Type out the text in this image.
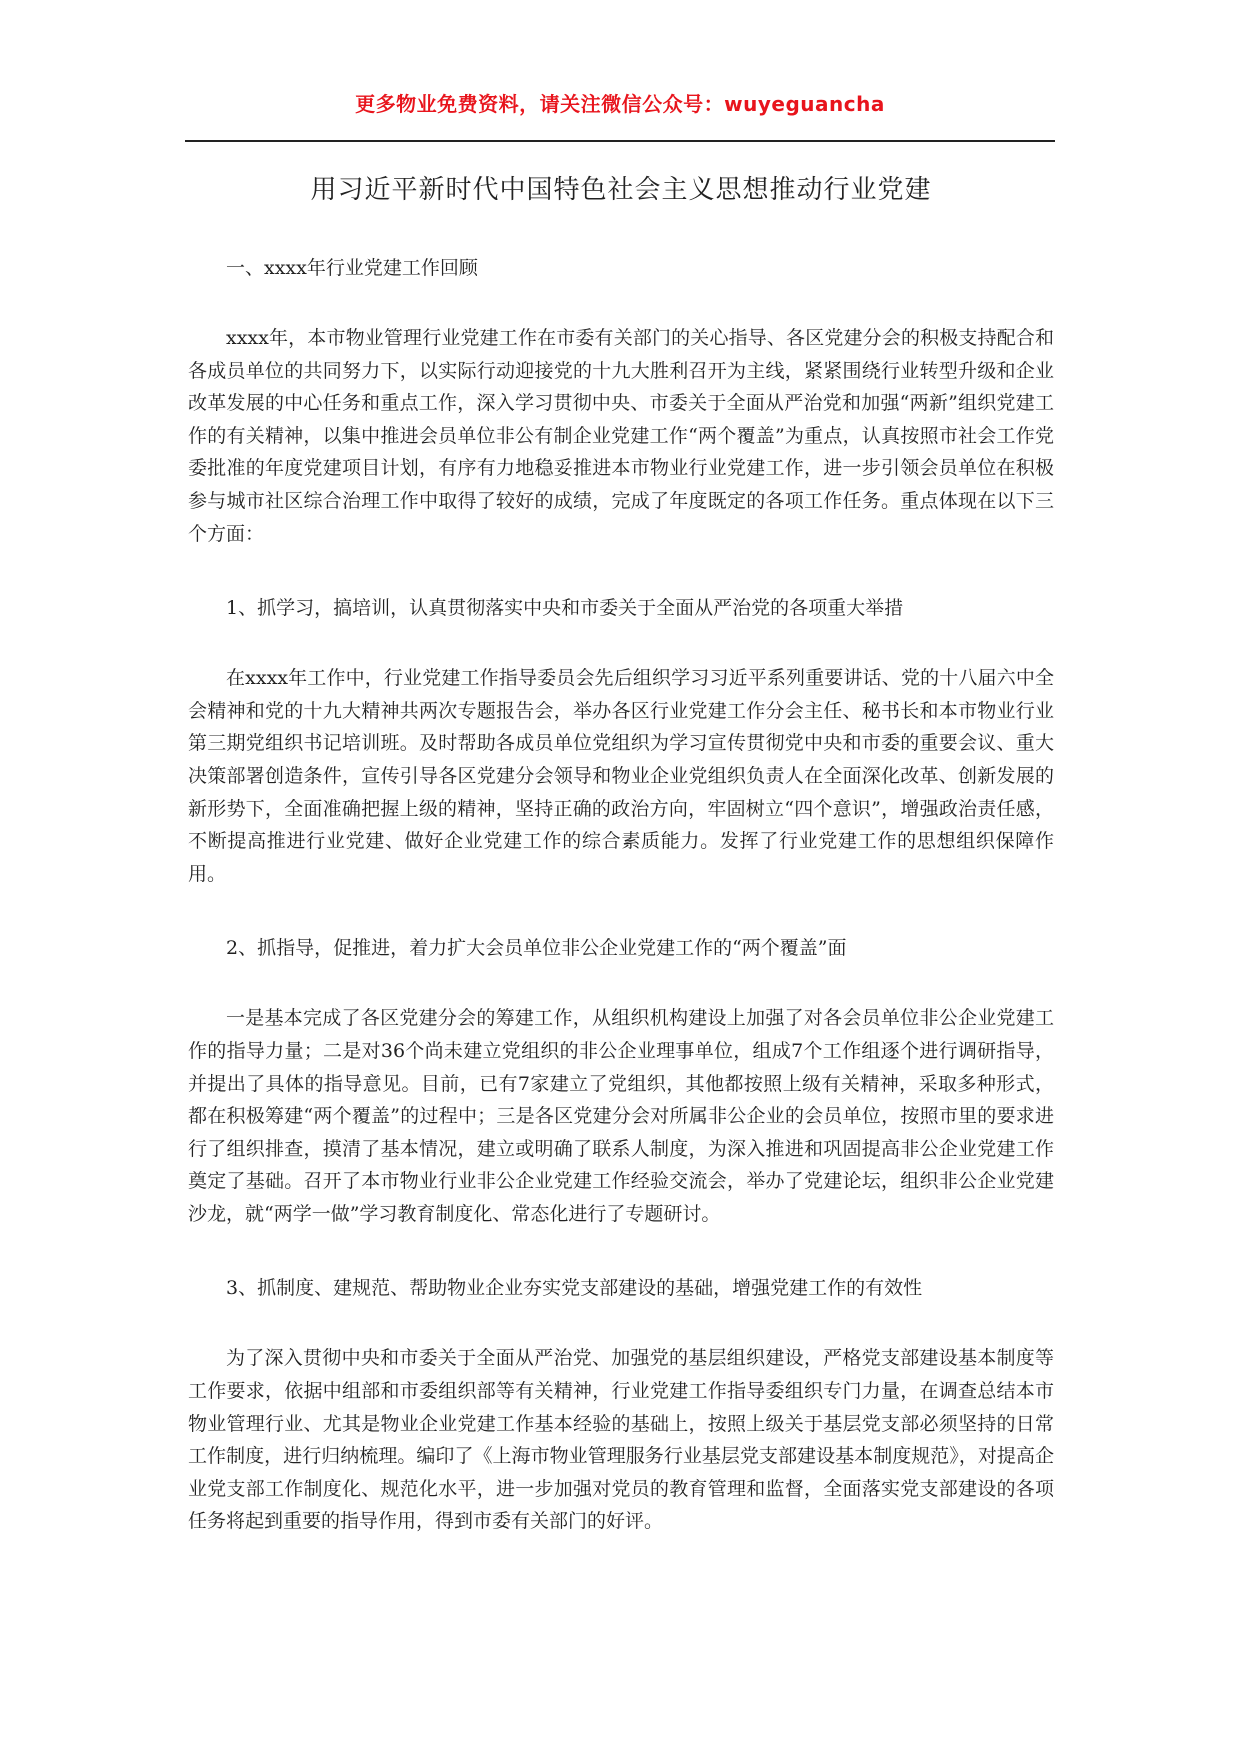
更多物业免费资料，请关注微信公众号：wuyeguancha
用习近平新时代中国特色社会主义思想推动行业党建

一、xxxx年行业党建工作回顾

xxxx年，本市物业管理行业党建工作在市委有关部门的关心指导、各区党建分会的积极支持配合和各成员单位的共同努力下，以实际行动迎接党的十九大胜利召开为主线，紧紧围绕行业转型升级和企业改革发展的中心任务和重点工作，深入学习贯彻中央、市委关于全面从严治党和加强“两新”组织党建工作的有关精神，以集中推进会员单位非公有制企业党建工作“两个覆盖”为重点，认真按照市社会工作党委批准的年度党建项目计划，有序有力地稳妥推进本市物业行业党建工作，进一步引领会员单位在积极参与城市社区综合治理工作中取得了较好的成绩，完成了年度既定的各项工作任务。重点体现在以下三个方面：

1、抓学习，搞培训，认真贯彻落实中央和市委关于全面从严治党的各项重大举措

在xxxx年工作中，行业党建工作指导委员会先后组织学习习近平系列重要讲话、党的十八届六中全会精神和党的十九大精神共两次专题报告会，举办各区行业党建工作分会主任、秘书长和本市物业行业第三期党组织书记培训班。及时帮助各成员单位党组织为学习宣传贯彻党中央和市委的重要会议、重大决策部署创造条件，宣传引导各区党建分会领导和物业企业党组织负责人在全面深化改革、创新发展的新形势下，全面准确把握上级的精神，坚持正确的政治方向，牢固树立“四个意识”，增强政治责任感，不断提高推进行业党建、做好企业党建工作的综合素质能力。发挥了行业党建工作的思想组织保障作用。

2、抓指导，促推进，着力扩大会员单位非公企业党建工作的“两个覆盖”面

一是基本完成了各区党建分会的筹建工作，从组织机构建设上加强了对各会员单位非公企业党建工作的指导力量；二是对36个尚未建立党组织的非公企业理事单位，组成7个工作组逐个进行调研指导，并提出了具体的指导意见。目前，已有7家建立了党组织，其他都按照上级有关精神，采取多种形式，都在积极筹建“两个覆盖”的过程中；三是各区党建分会对所属非公企业的会员单位，按照市里的要求进行了组织排查，摸清了基本情况，建立或明确了联系人制度，为深入推进和巩固提高非公企业党建工作奠定了基础。召开了本市物业行业非公企业党建工作经验交流会，举办了党建论坛，组织非公企业党建沙龙，就“两学一做”学习教育制度化、常态化进行了专题研讨。

3、抓制度、建规范、帮助物业企业夯实党支部建设的基础，增强党建工作的有效性

为了深入贯彻中央和市委关于全面从严治党、加强党的基层组织建设，严格党支部建设基本制度等工作要求，依据中组部和市委组织部等有关精神，行业党建工作指导委组织专门力量，在调查总结本市物业管理行业、尤其是物业企业党建工作基本经验的基础上，按照上级关于基层党支部必须坚持的日常工作制度，进行归纳梳理。编印了《上海市物业管理服务行业基层党支部建设基本制度规范》，对提高企业党支部工作制度化、规范化水平，进一步加强对党员的教育管理和监督，全面落实党支部建设的各项任务将起到重要的指导作用，得到市委有关部门的好评。
